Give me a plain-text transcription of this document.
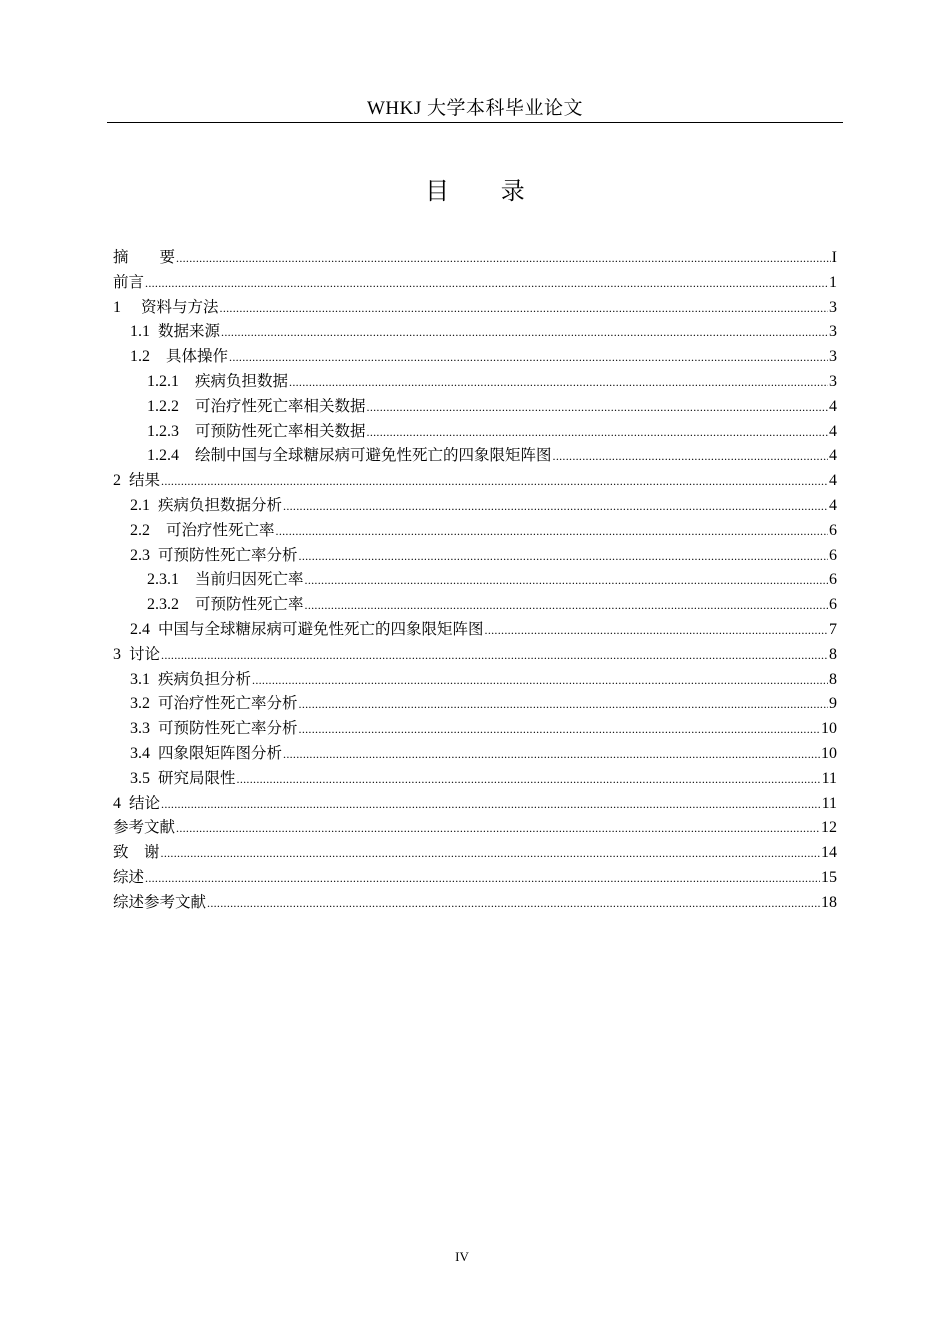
WHKJ 大学本科毕业论文
目 录
摘　　要 .....	I
前言 .....	1
1　 资料与方法 .....	3
1.1  数据来源 .....	3
1.2　具体操作 .....	3
1.2.1　疾病负担数据 .....	3
1.2.2　可治疗性死亡率相关数据 .....	4
1.2.3　可预防性死亡率相关数据 .....	4
1.2.4　绘制中国与全球糖尿病可避免性死亡的四象限矩阵图 .....	4
2  结果 .....	4
2.1  疾病负担数据分析 .....	4
2.2　可治疗性死亡率 .....	6
2.3  可预防性死亡率分析 .....	6
2.3.1　当前归因死亡率 .....	6
2.3.2　可预防性死亡率 .....	6
2.4  中国与全球糖尿病可避免性死亡的四象限矩阵图 .....	7
3  讨论 .....	8
3.1  疾病负担分析 .....	8
3.2  可治疗性死亡率分析 .....	9
3.3  可预防性死亡率分析 .....	10
3.4  四象限矩阵图分析 .....	10
3.5  研究局限性 .....	11
4  结论 .....	11
参考文献 .....	12
致　谢 .....	14
综述 .....	15
综述参考文献 .....	18
IV
